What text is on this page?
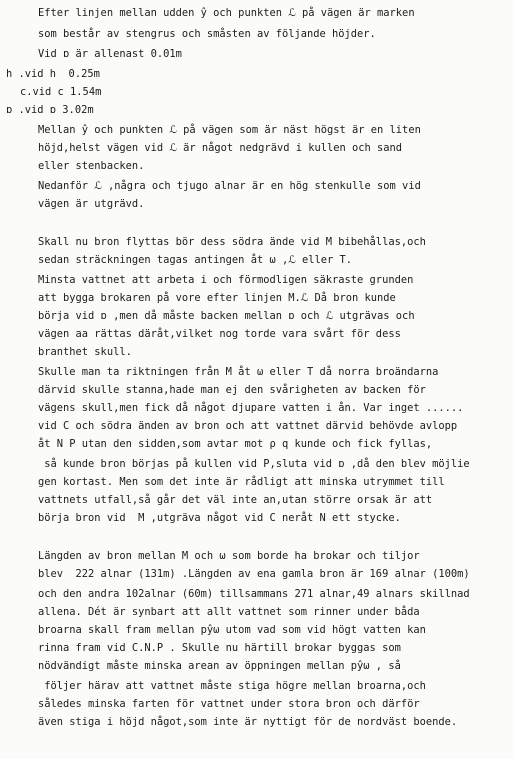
Efter linjen mellan udden ŷ och punkten ℒ på vägen är marken
som består av stengrus och småsten av följande höjder.
Vid ɒ är allenast 0.01m
h .vid h  0.25m
c.vid c 1.54m
ɒ .vid ɒ 3.02m
Mellan ŷ och punkten ℒ på vägen som är näst högst är en liten
höjd,helst vägen vid ℒ är något nedgrävd i kullen och sand
eller stenbacken.
Nedanför ℒ ,några och tjugo alnar är en hög stenkulle som vid
vägen är utgrävd.
Skall nu bron flyttas bör dess södra ände vid M bibehållas,och
sedan sträckningen tagas antingen åt ω ,ℒ eller T.
Minsta vattnet att arbeta i och förmodligen säkraste grunden
att bygga brokaren på vore efter linjen M.ℒ Då bron kunde
börja vid ɒ ,men då måste backen mellan ɒ och ℒ utgrävas och
vägen aa rättas däråt,vilket nog torde vara svårt för dess
branthet skull.
Skulle man ta riktningen från M åt ω eller T då norra broändarna
därvid skulle stanna,hade man ej den svårigheten av backen för
vägens skull,men fick då något djupare vatten i ån. Var inget ......
vid C och södra änden av bron och att vattnet därvid behövde avlopp
åt N P utan den sidden,som avtar mot ρ q kunde och fick fyllas,
så kunde bron börjas på kullen vid P,sluta vid ɒ ,då den blev möjlie
gen kortast. Men som det inte är rådligt att minska utrymmet till
vattnets utfall,så går det väl inte an,utan större orsak är att
börja bron vid  M ,utgräva något vid C neråt N ett stycke.
Längden av bron mellan M och ω som borde ha brokar och tiljor
blev  222 alnar (131m) .Längden av ena gamla bron är 169 alnar (100m)
och den andra 102alnar (60m) tillsammans 271 alnar,49 alnars skillnad
allena. Dét är synbart att allt vattnet som rinner under båda
broarna skall fram mellan pŷω utom vad som vid högt vatten kan
rinna fram vid C.N.P . Skulle nu härtill brokar byggas som
nödvändigt måste minska arean av öppningen mellan pŷω , så
följer härav att vattnet måste stiga högre mellan broarna,och
således minska farten för vattnet under stora bron och därför
även stiga i höjd något,som inte är nyttigt för de nordväst boende.
